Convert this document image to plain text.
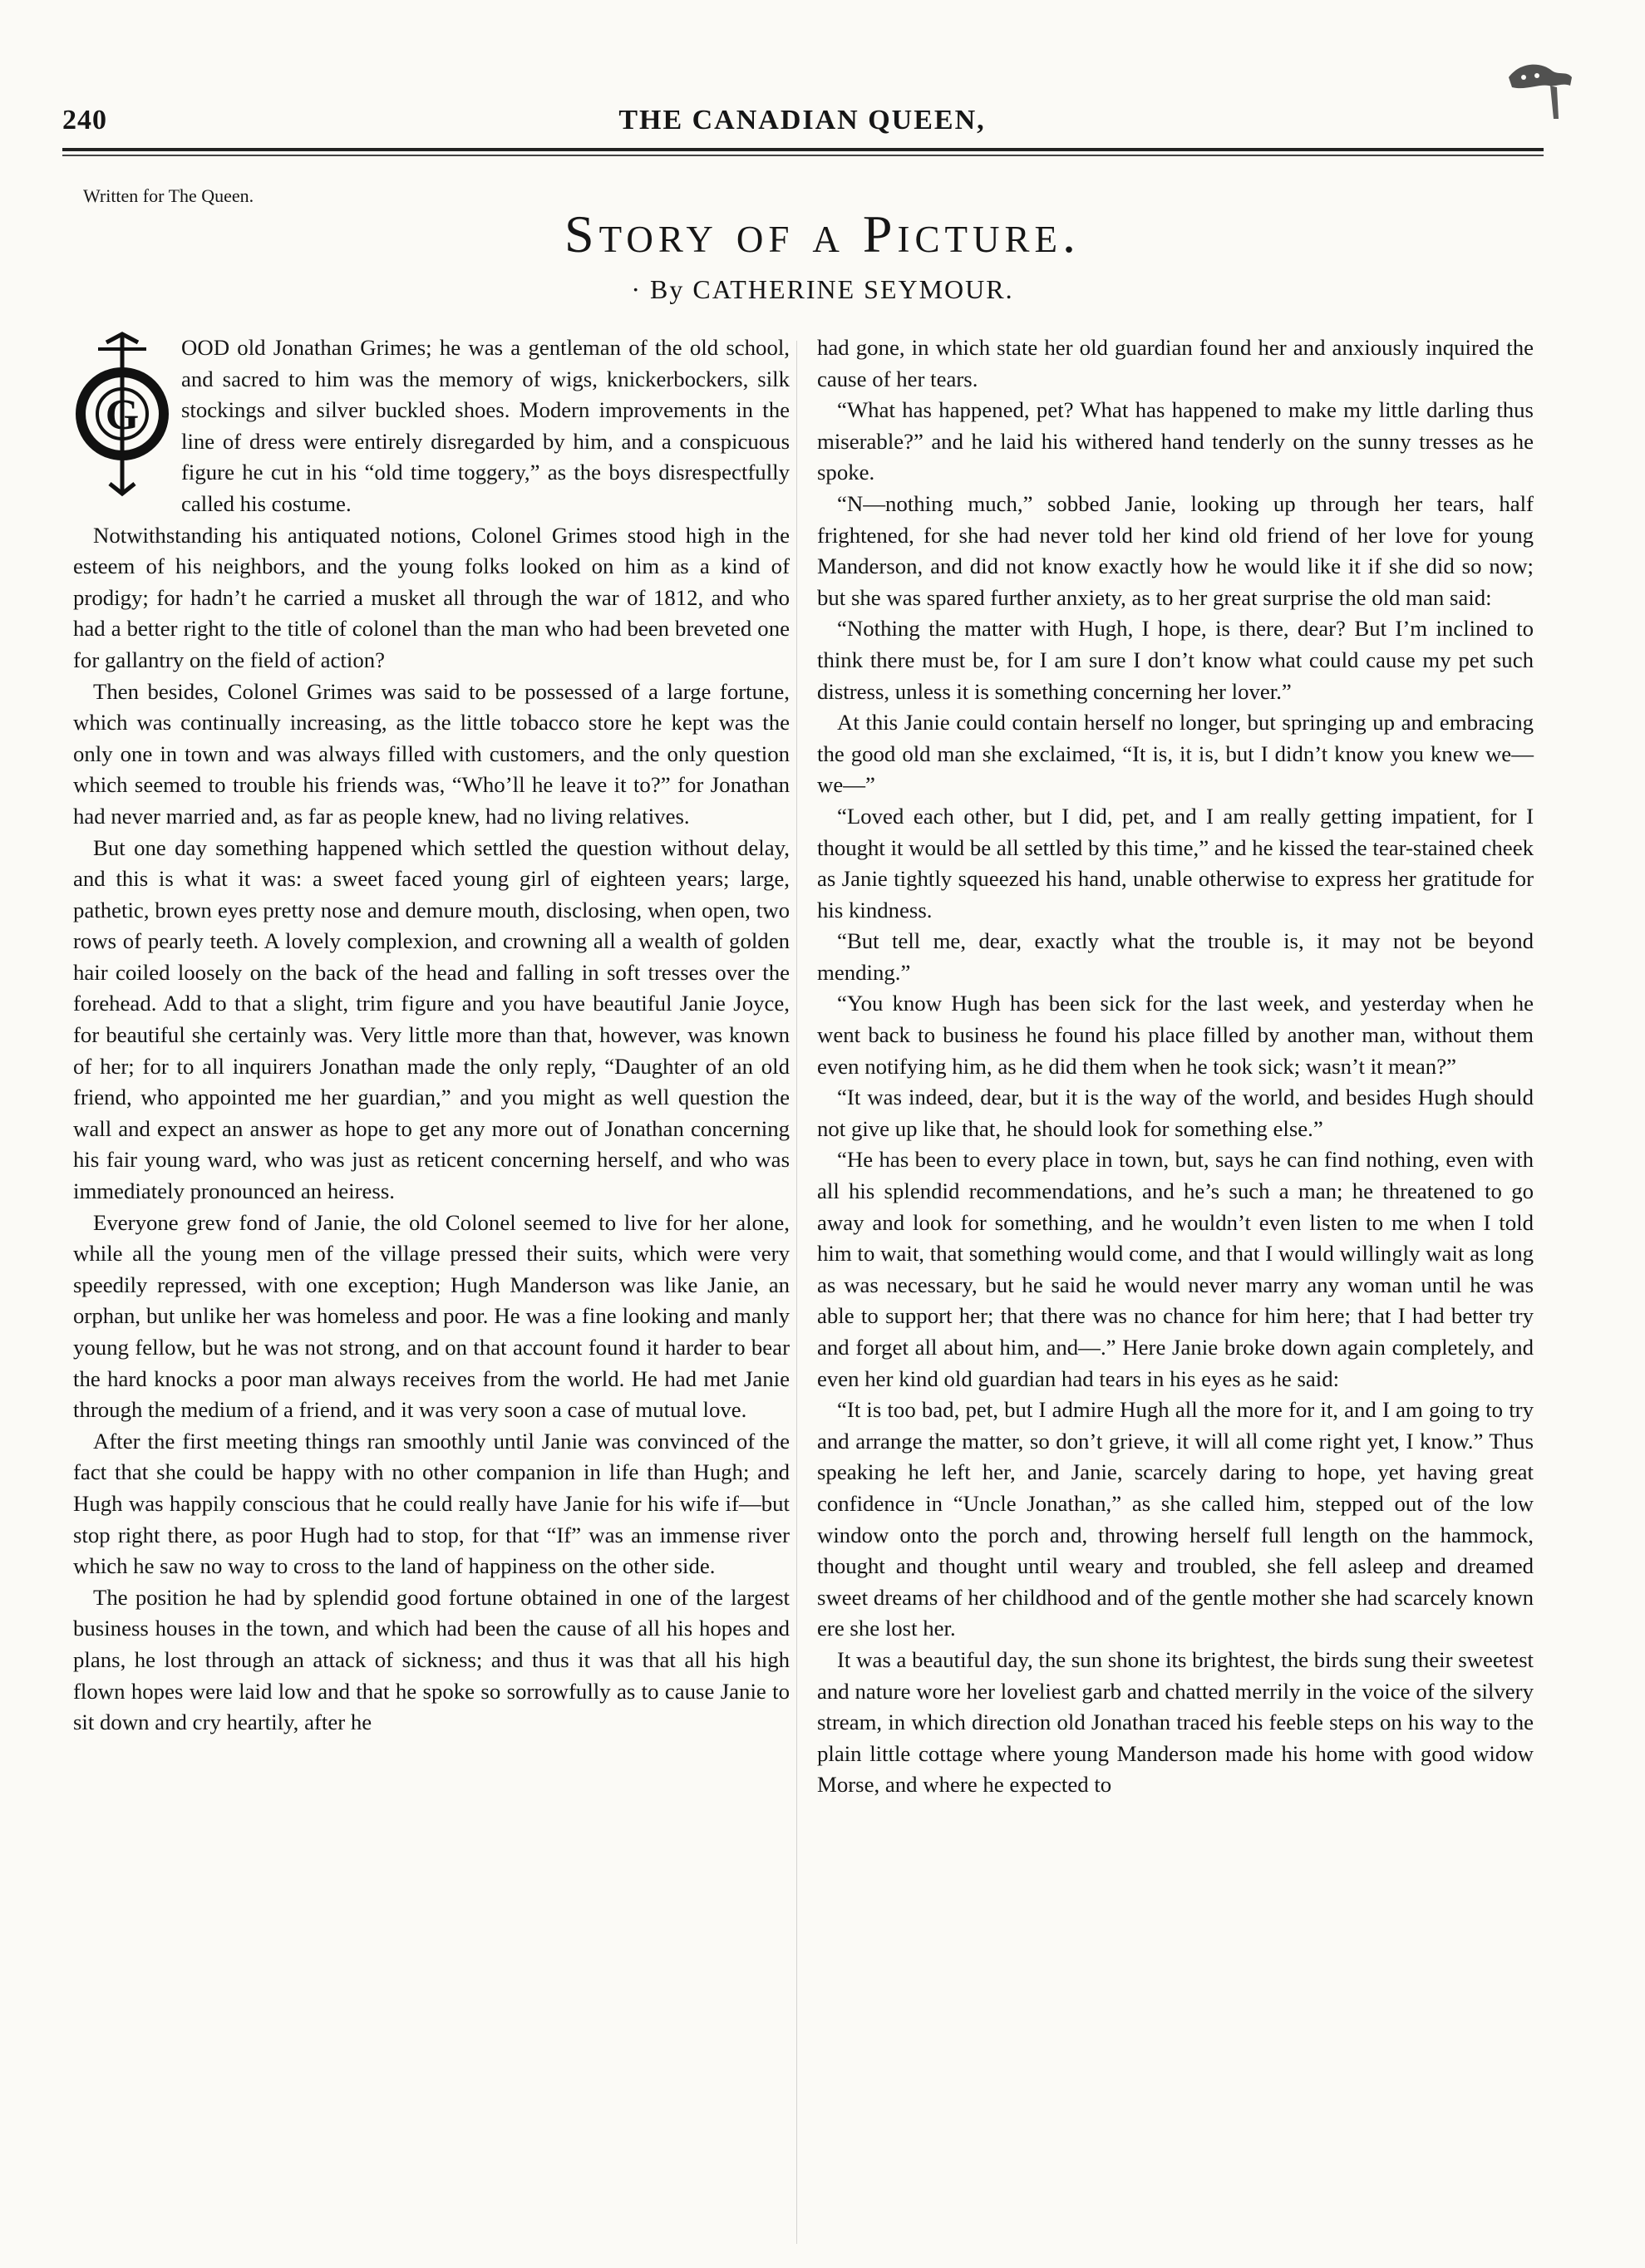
240	THE CANADIAN QUEEN,
Written for The Queen.
Story of a Picture.
· By CATHERINE SEYMOUR.

G
OOD old Jonathan Grimes; he was a gentleman of the old school, and sacred to him was the memory of wigs, knickerbockers, silk stockings and silver buckled shoes. Modern improvements in the line of dress were entirely disregarded by him, and a conspicuous figure he cut in his “old time toggery,” as the boys disrespectfully called his costume.

Notwithstanding his antiquated notions, Colonel Grimes stood high in the esteem of his neighbors, and the young folks looked on him as a kind of prodigy; for hadn’t he carried a musket all through the war of 1812, and who had a better right to the title of colonel than the man who had been breveted one for gallantry on the field of action?

Then besides, Colonel Grimes was said to be possessed of a large fortune, which was continually increasing, as the little tobacco store he kept was the only one in town and was always filled with customers, and the only question which seemed to trouble his friends was, “Who’ll he leave it to?” for Jonathan had never married and, as far as people knew, had no living relatives.

But one day something happened which settled the question without delay, and this is what it was: a sweet faced young girl of eighteen years; large, pathetic, brown eyes pretty nose and demure mouth, disclosing, when open, two rows of pearly teeth. A lovely complexion, and crowning all a wealth of golden hair coiled loosely on the back of the head and falling in soft tresses over the forehead. Add to that a slight, trim figure and you have beautiful Janie Joyce, for beautiful she certainly was. Very little more than that, however, was known of her; for to all inquirers Jonathan made the only reply, “Daughter of an old friend, who appointed me her guardian,” and you might as well question the wall and expect an answer as hope to get any more out of Jonathan concerning his fair young ward, who was just as reticent concerning herself, and who was immediately pronounced an heiress.

Everyone grew fond of Janie, the old Colonel seemed to live for her alone, while all the young men of the village pressed their suits, which were very speedily repressed, with one exception; Hugh Manderson was like Janie, an orphan, but unlike her was homeless and poor. He was a fine looking and manly young fellow, but he was not strong, and on that account found it harder to bear the hard knocks a poor man always receives from the world. He had met Janie through the medium of a friend, and it was very soon a case of mutual love.

After the first meeting things ran smoothly until Janie was convinced of the fact that she could be happy with no other companion in life than Hugh; and Hugh was happily conscious that he could really have Janie for his wife if—but stop right there, as poor Hugh had to stop, for that “If” was an immense river which he saw no way to cross to the land of happiness on the other side.

The position he had by splendid good fortune obtained in one of the largest business houses in the town, and which had been the cause of all his hopes and plans, he lost through an attack of sickness; and thus it was that all his high flown hopes were laid low and that he spoke so sorrowfully as to cause Janie to sit down and cry heartily, after he

had gone, in which state her old guardian found her and anxiously inquired the cause of her tears.

“What has happened, pet? What has happened to make my little darling thus miserable?” and he laid his withered hand tenderly on the sunny tresses as he spoke.

“N—nothing much,” sobbed Janie, looking up through her tears, half frightened, for she had never told her kind old friend of her love for young Manderson, and did not know exactly how he would like it if she did so now; but she was spared further anxiety, as to her great surprise the old man said:

“Nothing the matter with Hugh, I hope, is there, dear? But I’m inclined to think there must be, for I am sure I don’t know what could cause my pet such distress, unless it is something concerning her lover.”

At this Janie could contain herself no longer, but springing up and embracing the good old man she exclaimed, “It is, it is, but I didn’t know you knew we—we—”

“Loved each other, but I did, pet, and I am really getting impatient, for I thought it would be all settled by this time,” and he kissed the tear-stained cheek as Janie tightly squeezed his hand, unable otherwise to express her gratitude for his kindness.

“But tell me, dear, exactly what the trouble is, it may not be beyond mending.”

“You know Hugh has been sick for the last week, and yesterday when he went back to business he found his place filled by another man, without them even notifying him, as he did them when he took sick; wasn’t it mean?”

“It was indeed, dear, but it is the way of the world, and besides Hugh should not give up like that, he should look for something else.”

“He has been to every place in town, but, says he can find nothing, even with all his splendid recommendations, and he’s such a man; he threatened to go away and look for something, and he wouldn’t even listen to me when I told him to wait, that something would come, and that I would willingly wait as long as was necessary, but he said he would never marry any woman until he was able to support her; that there was no chance for him here; that I had better try and forget all about him, and—.” Here Janie broke down again completely, and even her kind old guardian had tears in his eyes as he said:

“It is too bad, pet, but I admire Hugh all the more for it, and I am going to try and arrange the matter, so don’t grieve, it will all come right yet, I know.” Thus speaking he left her, and Janie, scarcely daring to hope, yet having great confidence in “Uncle Jonathan,” as she called him, stepped out of the low window onto the porch and, throwing herself full length on the hammock, thought and thought until weary and troubled, she fell asleep and dreamed sweet dreams of her childhood and of the gentle mother she had scarcely known ere she lost her.

It was a beautiful day, the sun shone its brightest, the birds sung their sweetest and nature wore her loveliest garb and chatted merrily in the voice of the silvery stream, in which direction old Jonathan traced his feeble steps on his way to the plain little cottage where young Manderson made his home with good widow Morse, and where he expected to
